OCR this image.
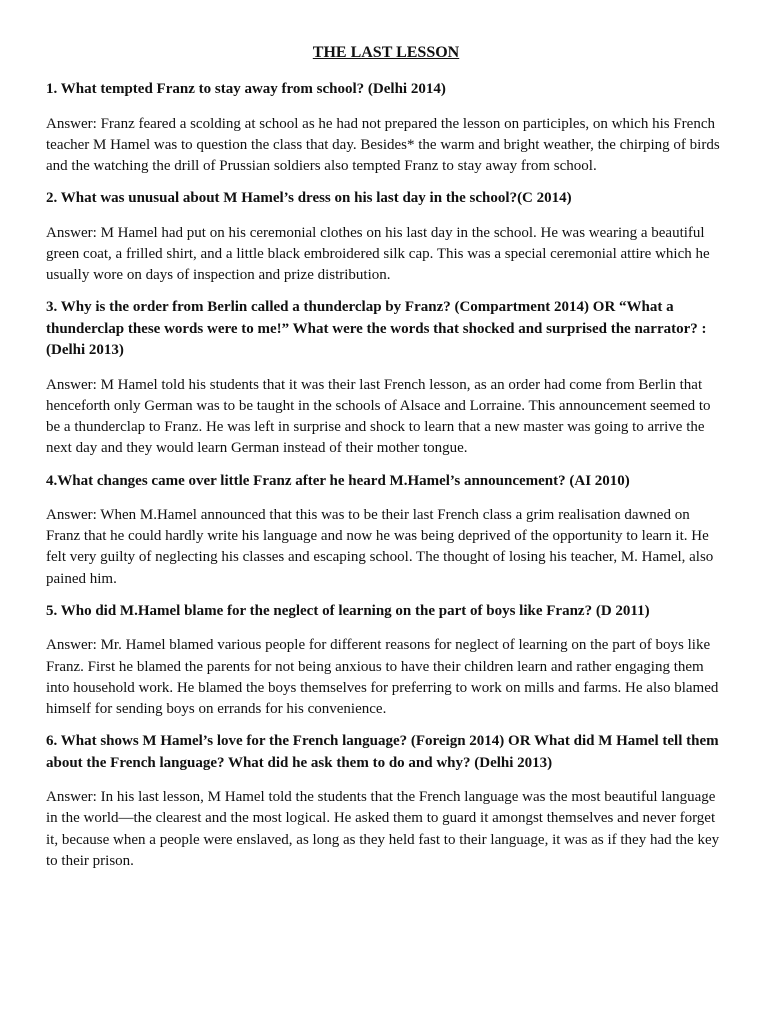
THE LAST LESSON
1. What tempted Franz to stay away from school? (Delhi 2014)
Answer: Franz feared a scolding at school as he had not prepared the lesson on participles, on which his French teacher M Hamel was to question the class that day. Besides* the warm and bright weather, the chirping of birds and the watching the drill of Prussian soldiers also tempted Franz to stay away from school.
2. What was unusual about M Hamel’s dress on his last day in the school?(C 2014)
Answer: M Hamel had put on his ceremonial clothes on his last day in the school. He was wearing a beautiful green coat, a frilled shirt, and a little black embroidered silk cap. This was a special ceremonial attire which he usually wore on days of inspection and prize distribution.
3. Why is the order from Berlin called a thunderclap by Franz? (Compartment 2014) OR “What a thunderclap these words were to me!” What were the words that shocked and surprised the narrator? : (Delhi 2013)
Answer: M Hamel told his students that it was their last French lesson, as an order had come from Berlin that henceforth only German was to be taught in the schools of Alsace and Lorraine. This announcement seemed to be a thunderclap to Franz. He was left in surprise and shock to learn that a new master was going to arrive the next day and they would learn German instead of their mother tongue.
4.What changes came over little Franz after he heard M.Hamel’s announcement? (AI 2010)
Answer: When M.Hamel announced that this was to be their last French class a grim realisation dawned on Franz that he could hardly write his language and now he was being deprived of the opportunity to learn it. He felt very guilty of neglecting his classes and escaping school. The thought of losing his teacher, M. Hamel, also pained him.
5. Who did M.Hamel blame for the neglect of learning on the part of boys like Franz? (D 2011)
Answer: Mr. Hamel blamed various people for different reasons for neglect of learning on the part of boys like Franz. First he blamed the parents for not being anxious to have their children learn and rather engaging them into household work. He blamed the boys themselves for preferring to work on mills and farms. He also blamed himself for sending boys on errands for his convenience.
6. What shows M Hamel’s love for the French language? (Foreign 2014) OR What did M Hamel tell them about the French language? What did he ask them to do and why? (Delhi 2013)
Answer: In his last lesson, M Hamel told the students that the French language was the most beautiful language in the world—the clearest and the most logical. He asked them to guard it amongst themselves and never forget it, because when a people were enslaved, as long as they held fast to their language, it was as if they had the key to their prison.
